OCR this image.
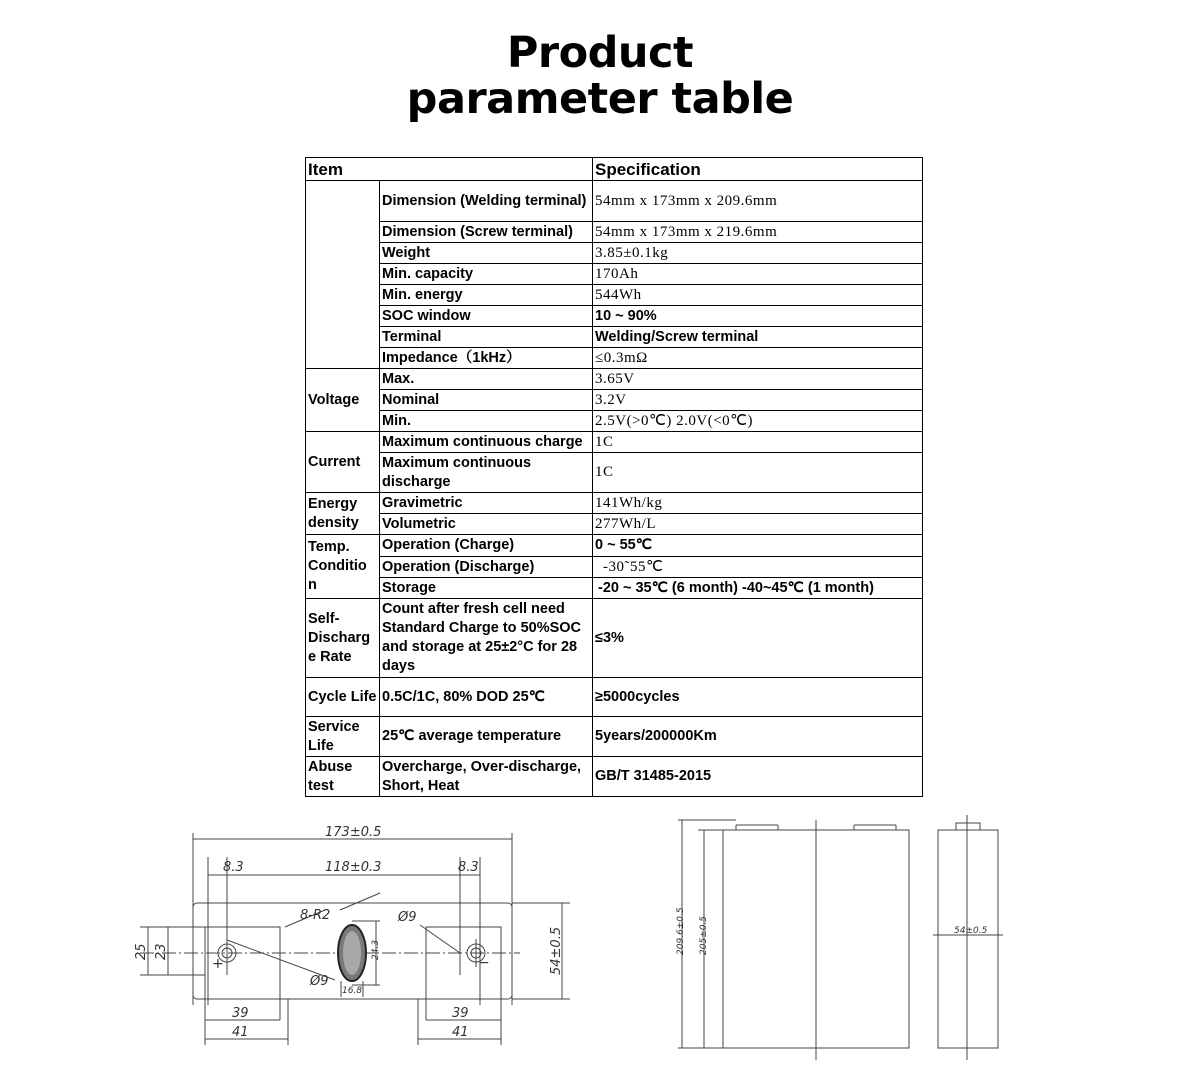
Product
parameter table
Item		Specification
	Dimension (Welding terminal)	54mm x 173mm x 209.6mm
	Dimension (Screw terminal)	54mm x 173mm x 219.6mm
	Weight	3.85±0.1kg
	Min. capacity	170Ah
	Min. energy	544Wh
	SOC window	10 ~ 90%
	Terminal	Welding/Screw terminal
	Impedance（1kHz）	≤0.3mΩ
Voltage	Max.	3.65V
	Nominal	3.2V
	Min.	2.5V(>0℃) 2.0V(<0℃)
Current	Maximum continuous charge	1C
	Maximum continuous discharge	1C
Energy density	Gravimetric	141Wh/kg
	Volumetric	277Wh/L
Temp. Conditio n	Operation (Charge)	0 ~ 55℃
	Operation (Discharge)	-30˜55℃
	Storage	-20 ~ 35℃ (6 month) -40~45℃ (1 month)
Self- Discharg e Rate	Count after fresh cell need Standard Charge to 50%SOC and storage at 25±2°C for 28 days	≤3%
Cycle Life	0.5C/1C, 80% DOD 25℃	≥5000cycles
Service Life	25℃ average temperature	5years/200000Km
Abuse test	Overcharge, Over-discharge, Short, Heat	GB/T 31485-2015
173±0.5
118±0.3
8.3	8.3
8-R2	Ø9
Ø9
16.8
24.3
25 23	54±0.5
39
41
39
41
+	−
209.6±0.5 205±0.5	54±0.5
